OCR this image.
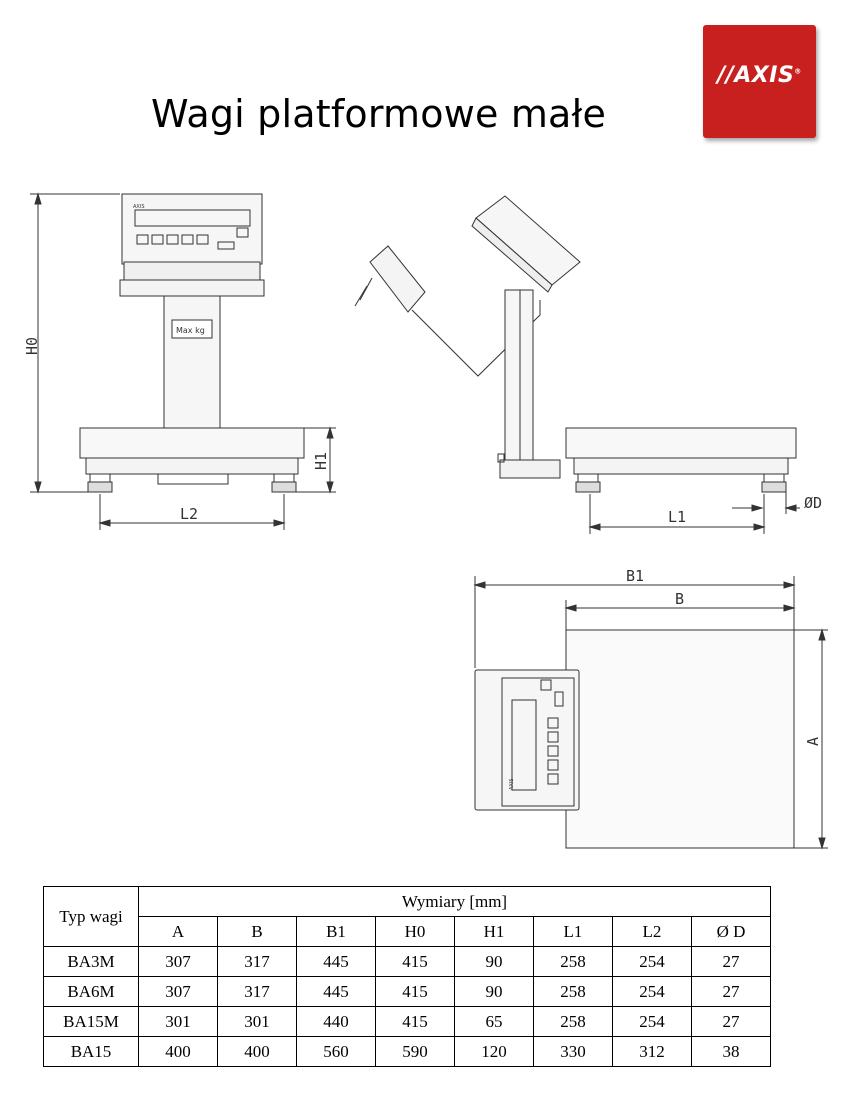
Wagi platformowe małe
//AXIS®
AXIS
Max kg
H0
H1
L2	L1
ØD
AXIS
B1
B
A
Typ wagi	Wymiary [mm]							
	A	B	B1	H0	H1	L1	L2	Ø D
BA3M	307	317	445	415	90	258	254	27
BA6M	307	317	445	415	90	258	254	27
BA15M	301	301	440	415	65	258	254	27
BA15	400	400	560	590	120	330	312	38
